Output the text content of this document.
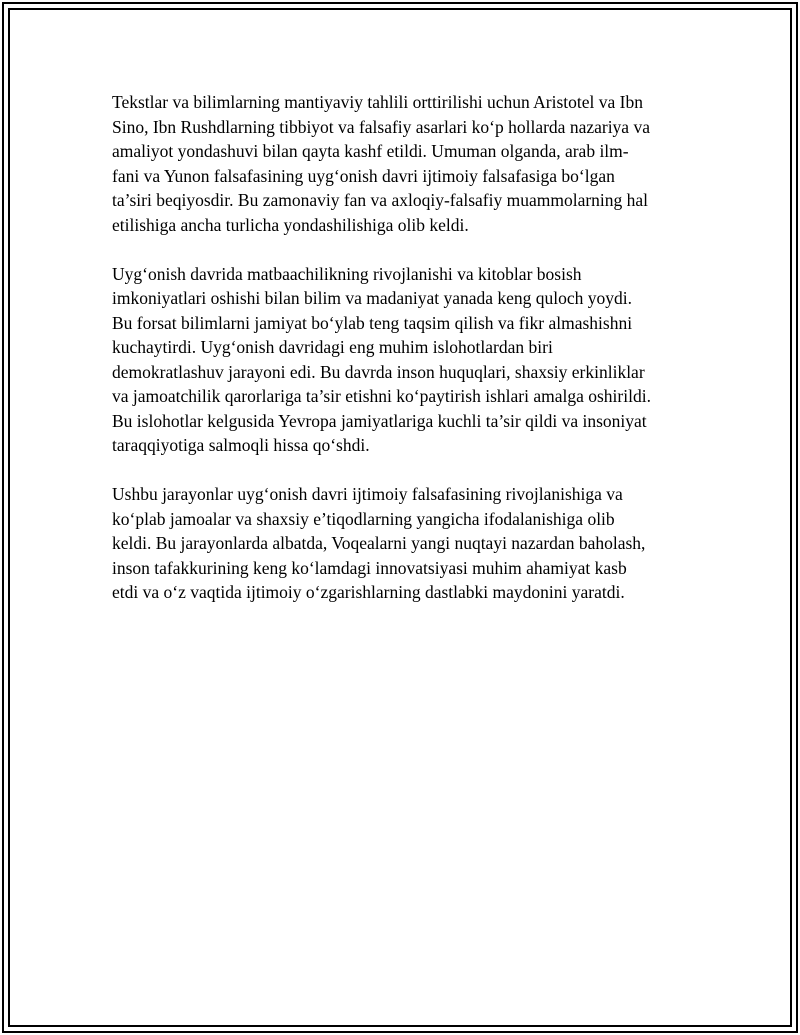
Tekstlar va bilimlarning mantiyaviy tahlili orttirilishi uchun Aristotel va Ibn
Sino, Ibn Rushdlarning tibbiyot va falsafiy asarlari ko‘p hollarda nazariya va
amaliyot yondashuvi bilan qayta kashf etildi. Umuman olganda, arab ilm-
fani va Yunon falsafasining uyg‘onish davri ijtimoiy falsafasiga bo‘lgan
ta’siri beqiyosdir. Bu zamonaviy fan va axloqiy-falsafiy muammolarning hal
etilishiga ancha turlicha yondashilishiga olib keldi.

Uyg‘onish davrida matbaachilikning rivojlanishi va kitoblar bosish
imkoniyatlari oshishi bilan bilim va madaniyat yanada keng quloch yoydi.
Bu forsat bilimlarni jamiyat bo‘ylab teng taqsim qilish va fikr almashishni
kuchaytirdi. Uyg‘onish davridagi eng muhim islohotlardan biri
demokratlashuv jarayoni edi. Bu davrda inson huquqlari, shaxsiy erkinliklar
va jamoatchilik qarorlariga ta’sir etishni ko‘paytirish ishlari amalga oshirildi.
Bu islohotlar kelgusida Yevropa jamiyatlariga kuchli ta’sir qildi va insoniyat
taraqqiyotiga salmoqli hissa qo‘shdi.

Ushbu jarayonlar uyg‘onish davri ijtimoiy falsafasining rivojlanishiga va
ko‘plab jamoalar va shaxsiy e’tiqodlarning yangicha ifodalanishiga olib
keldi. Bu jarayonlarda albatda, Voqealarni yangi nuqtayi nazardan baholash,
inson tafakkurining keng ko‘lamdagi innovatsiyasi muhim ahamiyat kasb
etdi va o‘z vaqtida ijtimoiy o‘zgarishlarning dastlabki maydonini yaratdi.
